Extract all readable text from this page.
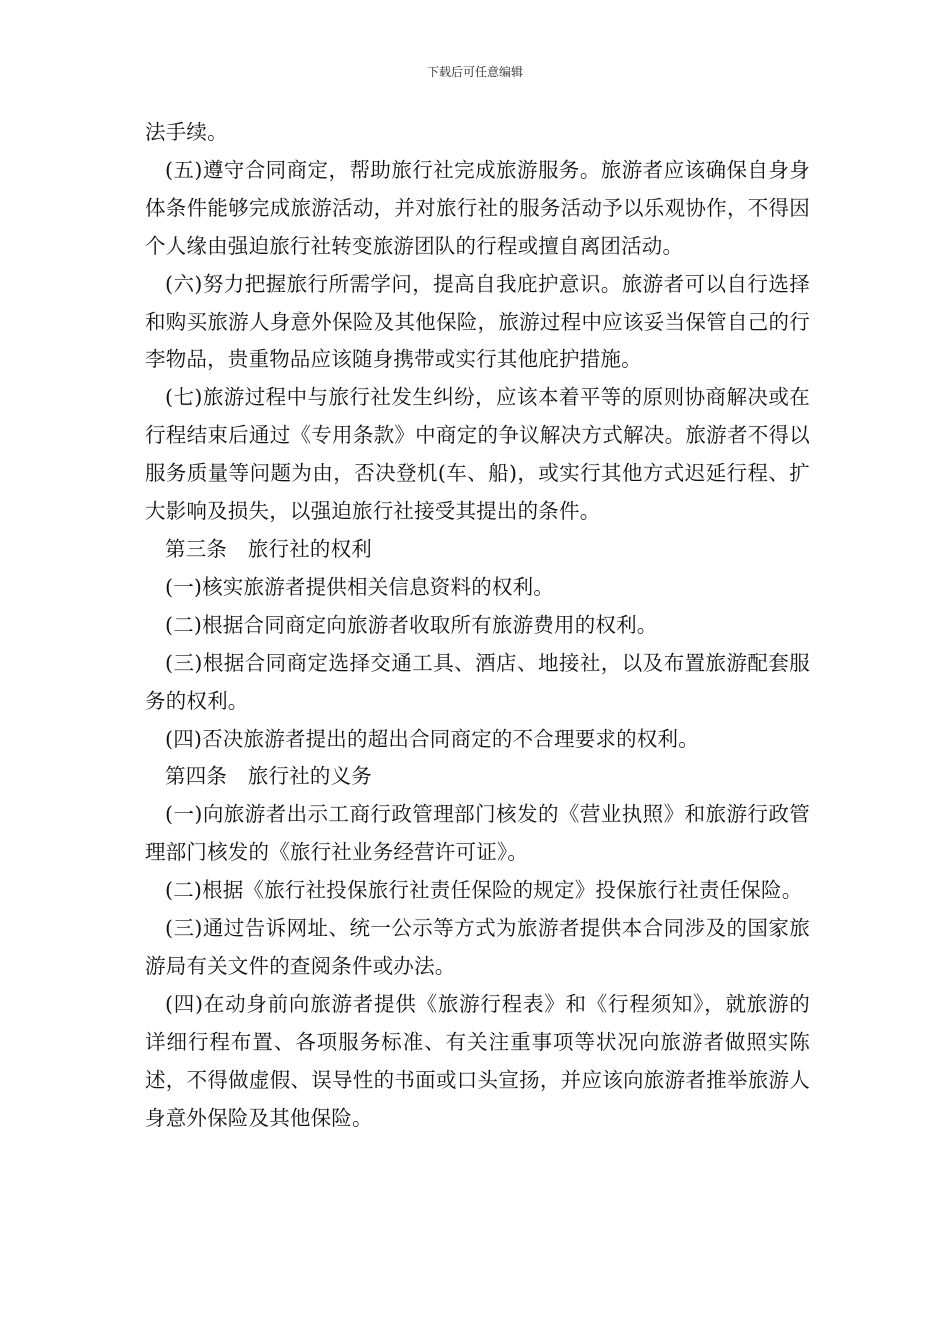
下载后可任意编辑

法手续。

(五)遵守合同商定，帮助旅行社完成旅游服务。旅游者应该确保自身身体条件能够完成旅游活动，并对旅行社的服务活动予以乐观协作，不得因个人缘由强迫旅行社转变旅游团队的行程或擅自离团活动。

(六)努力把握旅行所需学问，提高自我庇护意识。旅游者可以自行选择和购买旅游人身意外保险及其他保险，旅游过程中应该妥当保管自己的行李物品，贵重物品应该随身携带或实行其他庇护措施。

(七)旅游过程中与旅行社发生纠纷，应该本着平等的原则协商解决或在行程结束后通过《专用条款》中商定的争议解决方式解决。旅游者不得以服务质量等问题为由，否决登机(车、船)，或实行其他方式迟延行程、扩大影响及损失，以强迫旅行社接受其提出的条件。

第三条　旅行社的权利

(一)核实旅游者提供相关信息资料的权利。

(二)根据合同商定向旅游者收取所有旅游费用的权利。

(三)根据合同商定选择交通工具、酒店、地接社，以及布置旅游配套服务的权利。

(四)否决旅游者提出的超出合同商定的不合理要求的权利。

第四条　旅行社的义务

(一)向旅游者出示工商行政管理部门核发的《营业执照》和旅游行政管理部门核发的《旅行社业务经营许可证》。

(二)根据《旅行社投保旅行社责任保险的规定》投保旅行社责任保险。

(三)通过告诉网址、统一公示等方式为旅游者提供本合同涉及的国家旅游局有关文件的查阅条件或办法。

(四)在动身前向旅游者提供《旅游行程表》和《行程须知》，就旅游的详细行程布置、各项服务标准、有关注重事项等状况向旅游者做照实陈述，不得做虚假、误导性的书面或口头宣扬，并应该向旅游者推举旅游人身意外保险及其他保险。
